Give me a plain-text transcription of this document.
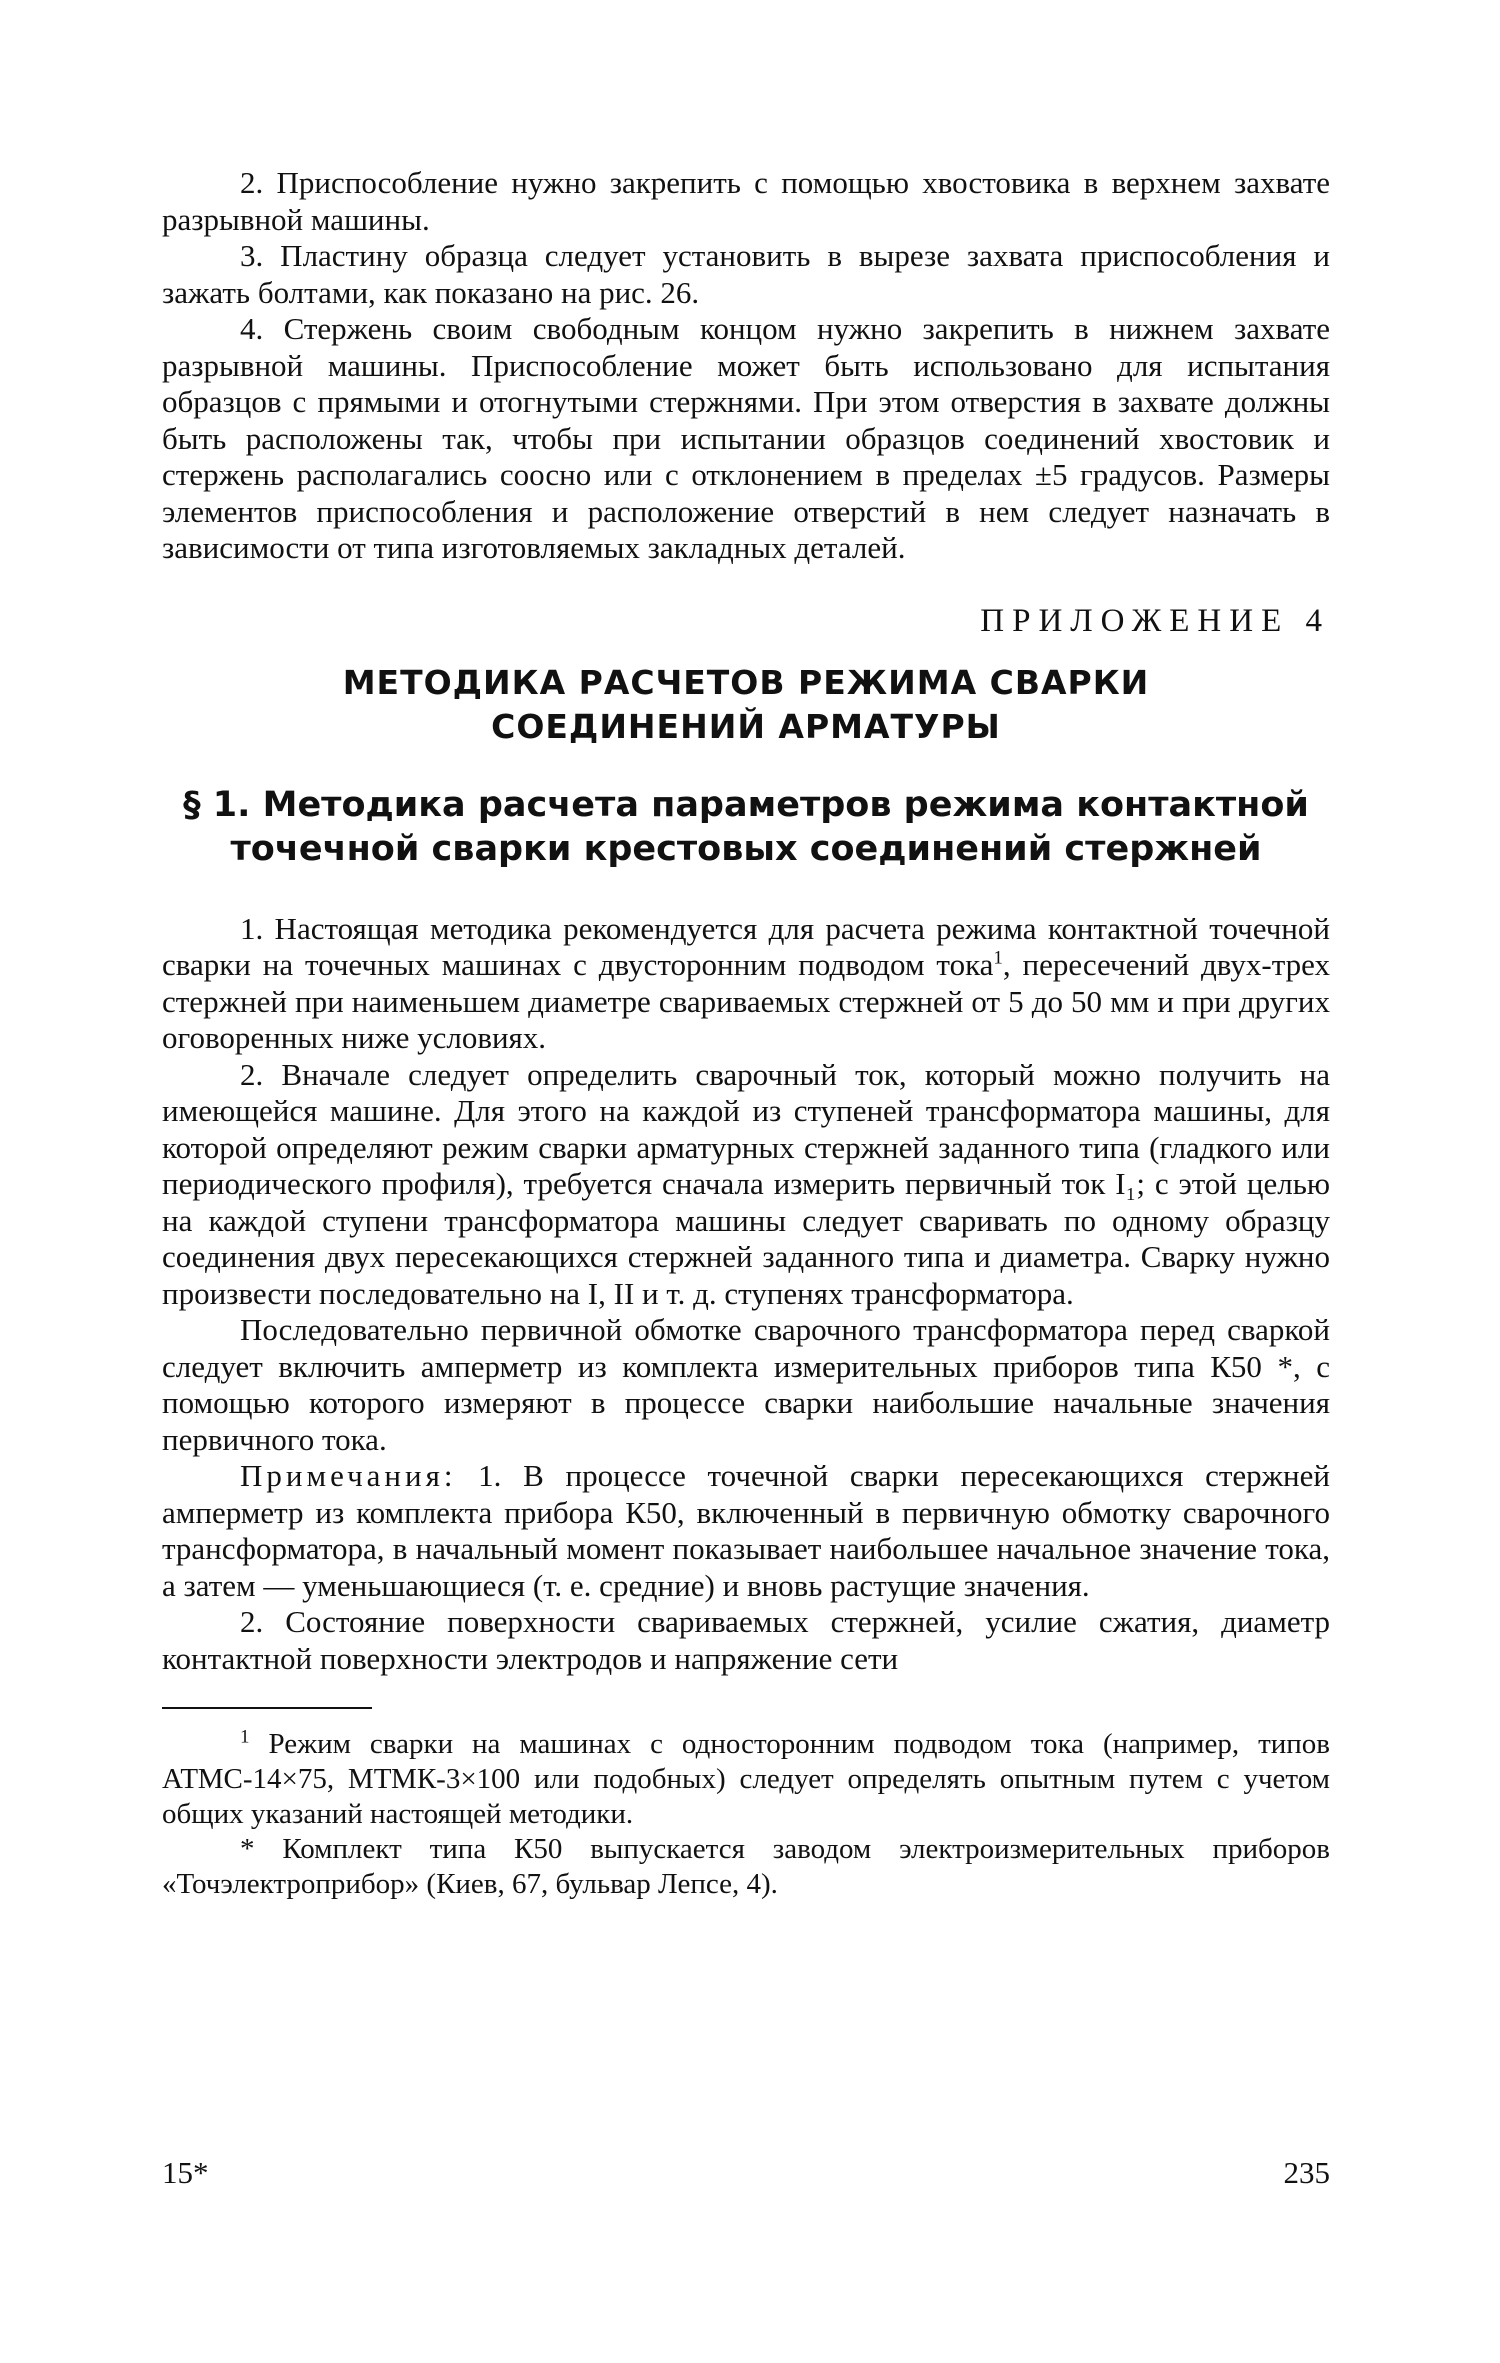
2. Приспособление нужно закрепить с помощью хвостовика в верхнем захвате разрывной машины.

3. Пластину образца следует установить в вырезе захвата приспособления и зажать болтами, как показано на рис. 26.

4. Стержень своим свободным концом нужно закрепить в нижнем захвате разрывной машины. Приспособление может быть использовано для испытания образцов с прямыми и отогнутыми стержнями. При этом отверстия в захвате должны быть расположены так, чтобы при испытании образцов соединений хвостовик и стержень располагались соосно или с отклонением в пределах ±5 градусов. Размеры элементов приспособления и расположение отверстий в нем следует назначать в зависимости от типа изготовляемых закладных деталей.

ПРИЛОЖЕНИЕ 4
МЕТОДИКА РАСЧЕТОВ РЕЖИМА СВАРКИ
СОЕДИНЕНИЙ АРМАТУРЫ
§ 1. Методика расчета параметров режима контактной
точечной сварки крестовых соединений стержней

1. Настоящая методика рекомендуется для расчета режима контактной точечной сварки на точечных машинах с двусторонним подводом тока$^1$, пересечений двух-трех стержней при наименьшем диаметре свариваемых стержней от 5 до 50 мм и при других оговоренных ниже условиях.

2. Вначале следует определить сварочный ток, который можно получить на имеющейся машине. Для этого на каждой из ступеней трансформатора машины, для которой определяют режим сварки арматурных стержней заданного типа (гладкого или периодического профиля), требуется сначала измерить первичный ток I₁; с этой целью на каждой ступени трансформатора машины следует сваривать по одному образцу соединения двух пересекающихся стержней заданного типа и диаметра. Сварку нужно произвести последовательно на I, II и т. д. ступенях трансформатора.

Последовательно первичной обмотке сварочного трансформатора перед сваркой следует включить амперметр из комплекта измерительных приборов типа К50 *, с помощью которого измеряют в процессе сварки наибольшие начальные значения первичного тока.

Примечания: 1. В процессе точечной сварки пересекающихся стержней амперметр из комплекта прибора К50, включенный в первичную обмотку сварочного трансформатора, в начальный момент показывает наибольшее начальное значение тока, а затем — уменьшающиеся (т. е. средние) и вновь растущие значения.

2. Состояние поверхности свариваемых стержней, усилие сжатия, диаметр контактной поверхности электродов и напряжение сети

$^1$ Режим сварки на машинах с односторонним подводом тока (например, типов АТМС-14×75, МТМК-3×100 или подобных) следует определять опытным путем с учетом общих указаний настоящей методики.

* Комплект типа К50 выпускается заводом электроизмерительных приборов «Точэлектроприбор» (Киев, 67, бульвар Лепсе, 4).

15*	235
